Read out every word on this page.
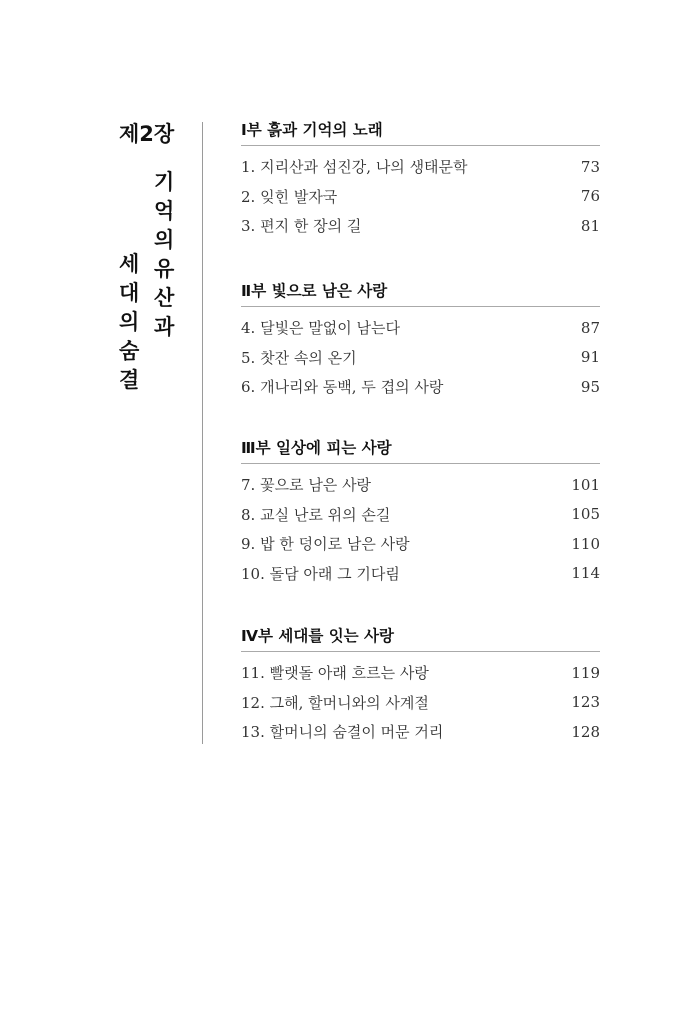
제2장
기
억
의
유
산
과
세
대
의
숨
결
Ⅰ부 흙과 기억의 노래
1. 지리산과 섬진강, 나의 생태문학	73
2. 잊힌 발자국	76
3. 편지 한 장의 길	81
Ⅱ부 빛으로 남은 사랑
4. 달빛은 말없이 남는다	87
5. 찻잔 속의 온기	91
6. 개나리와 동백, 두 겹의 사랑	95
Ⅲ부 일상에 피는 사랑
7. 꽃으로 남은 사랑	101
8. 교실 난로 위의 손길	105
9. 밥 한 덩이로 남은 사랑	110
10. 돌담 아래 그 기다림	114
Ⅳ부 세대를 잇는 사랑
11. 빨랫돌 아래 흐르는 사랑	119
12. 그해, 할머니와의 사계절	123
13. 할머니의 숨결이 머문 거리	128
